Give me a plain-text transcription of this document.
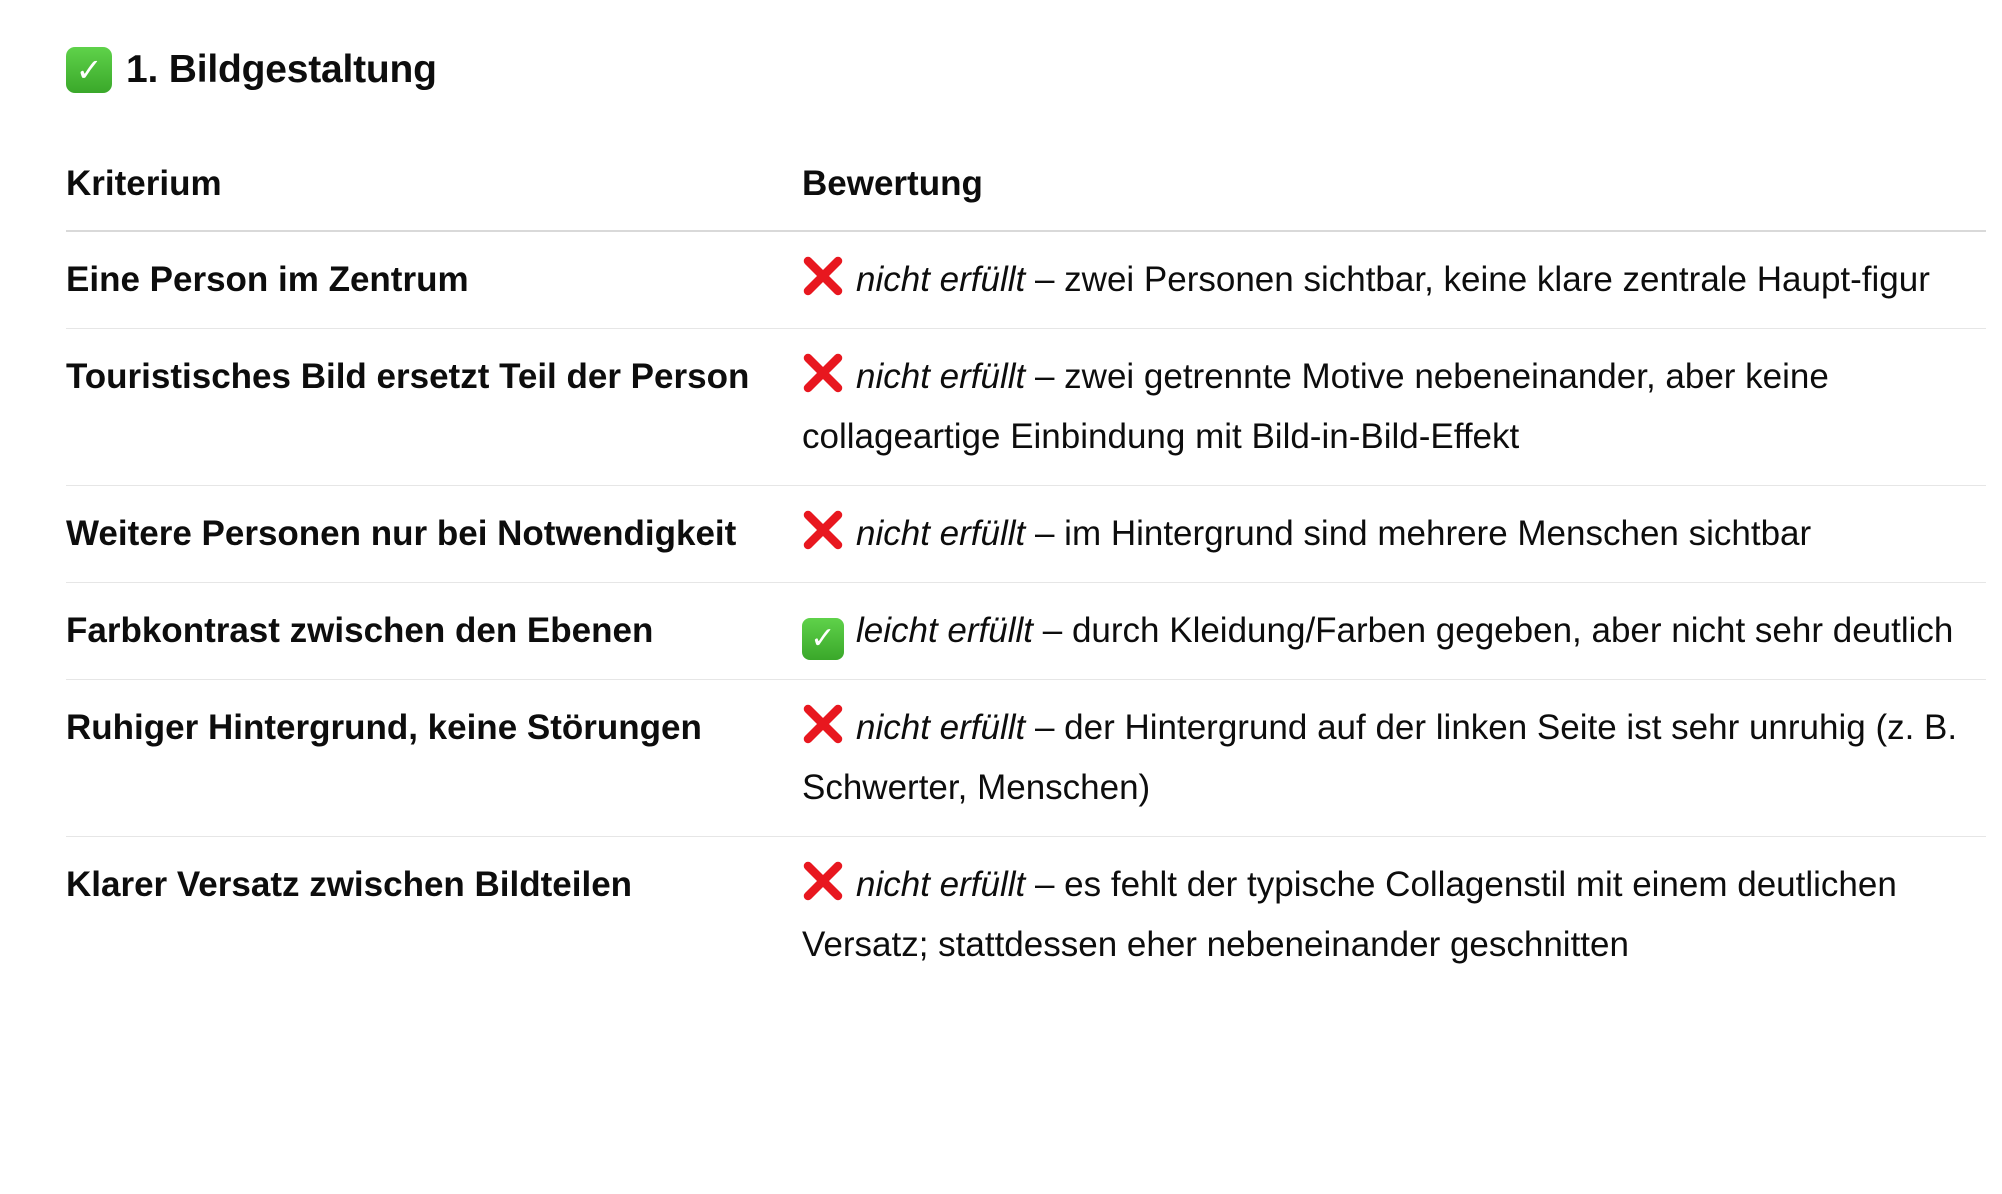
✓ 1. Bildgestaltung
Kriterium	Bewertung
Eine Person im Zentrum	nicht erfüllt – zwei Personen sichtbar, keine klare zentrale Haupt-figur
Touristisches Bild ersetzt Teil der Person	nicht erfüllt – zwei getrennte Motive nebeneinander, aber keine collageartige Einbindung mit Bild-in-Bild-Effekt
Weitere Personen nur bei Notwendigkeit	nicht erfüllt – im Hintergrund sind mehrere Menschen sichtbar
Farbkontrast zwischen den Ebenen	✓ leicht erfüllt – durch Kleidung/Farben gegeben, aber nicht sehr deutlich
Ruhiger Hintergrund, keine Störungen	nicht erfüllt – der Hintergrund auf der linken Seite ist sehr unruhig (z. B. Schwerter, Menschen)
Klarer Versatz zwischen Bildteilen	nicht erfüllt – es fehlt der typische Collagenstil mit einem deutlichen Versatz; stattdessen eher nebeneinander geschnitten
